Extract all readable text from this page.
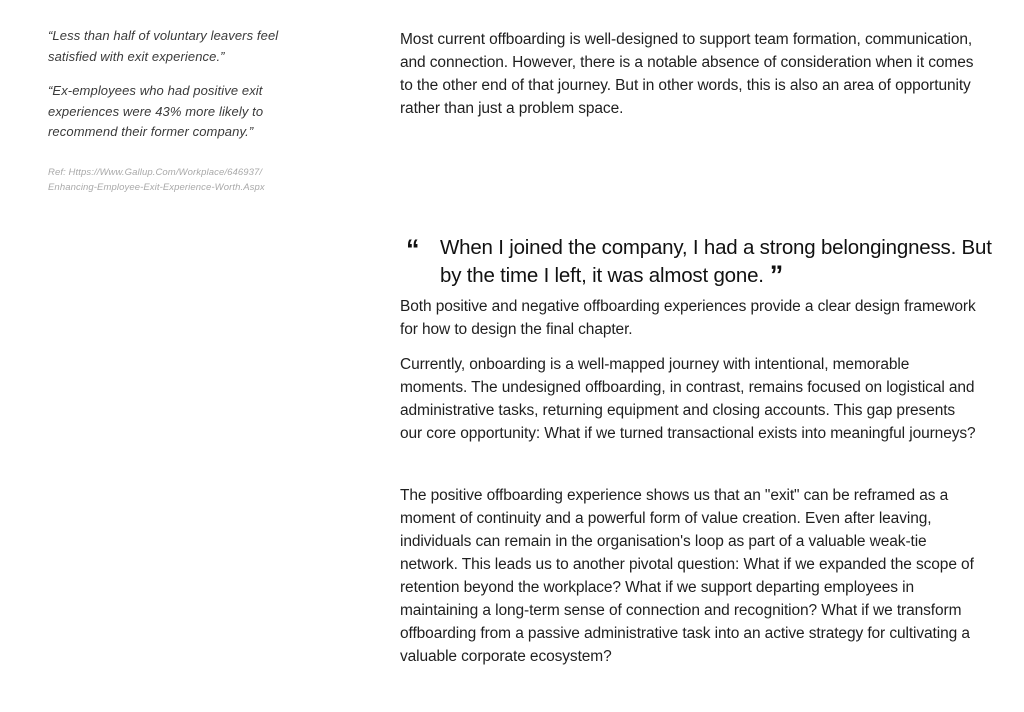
“Less than half of voluntary leavers feel satisfied with exit experience.”

“Ex-employees who had positive exit experiences were 43% more likely to recommend their former company.”

Ref: Https://Www.Gallup.Com/Workplace/646937/
Enhancing-Employee-Exit-Experience-Worth.Aspx

Most current offboarding is well-designed to support team formation, communication, and connection. However, there is a notable absence of consideration when it comes to the other end of that journey. But in other words, this is also an area of opportunity rather than just a problem space.

“	When I joined the company, I had a strong belongingness. But by the time I left, it was almost gone. ”

Both positive and negative offboarding experiences provide a clear design framework for how to design the final chapter.

Currently, onboarding is a well-mapped journey with intentional, memorable moments. The undesigned offboarding, in contrast, remains focused on logistical and administrative tasks, returning equipment and closing accounts. This gap presents our core opportunity: What if we turned transactional exists into meaningful journeys?

The positive offboarding experience shows us that an "exit" can be reframed as a moment of continuity and a powerful form of value creation. Even after leaving, individuals can remain in the organisation's loop as part of a valuable weak-tie network. This leads us to another pivotal question: What if we expanded the scope of retention beyond the workplace? What if we support departing employees in maintaining a long-term sense of connection and recognition? What if we transform offboarding from a passive administrative task into an active strategy for cultivating a valuable corporate ecosystem?
